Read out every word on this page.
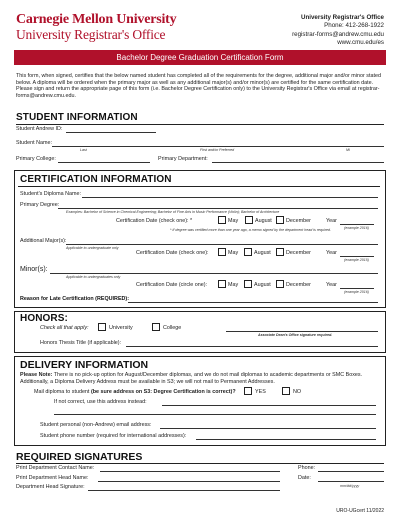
Carnegie Mellon University
University Registrar's Office
University Registrar's Office
Phone: 412-268-1922
registrar-forms@andrew.cmu.edu
www.cmu.edu/es
Bachelor Degree Graduation Certification Form
This form, when signed, certifies that the below named student has completed all of the requirements for the degree, additional major and/or minor stated below. A diploma will be ordered when the primary major as well as any additional major(s) and/or minor(s) are certified for the same certification date. Please sign and return the appropriate page of this form (i.e. Bachelor Degree Certification only) to the University Registrar's Office via email at registrar-forms@andrew.cmu.edu.
STUDENT INFORMATION
Student Andrew ID:
Student Name:
Last	First and/or Preferred	MI
Primary College:	Primary Department:
CERTIFICATION INFORMATION
Student's Diploma Name:
Primary Degree:
Examples: Bachelor of Science in Chemical Engineering; Bachelor of Fine Arts in Music Performance (Violin); Bachelor of Architecture
Certification Date (check one): *	May	August	December	Year
(example 2016)
* If degree was certified more than one year ago, a memo signed by the department head is required.
Additional Major(s):
Applicable to undergraduate only
Certification Date (check one):	May	August	December	Year
(example 2015)
Minor(s):
Applicable to undergraduates only
Certification Date (circle one):	May	August	December	Year
(example 2016)
Reason for Late Certification (REQUIRED):
HONORS:
Check all that apply:	University	College
Associate Dean's Office signature required.
Honors Thesis Title (if applicable):
DELIVERY INFORMATION
Please Note: There is no pick-up option for August/December diplomas, and we do not mail diplomas to academic departments or SMC Boxes. Additionally, a Diploma Delivery Address must be available in S3; we will not mail to Permanent Addresses.
Mail diploma to student (be sure address on S3: Degree Certification is correct)?	YES	NO
If not correct, use this address instead:
Student personal (non-Andrew) email address:
Student phone number (required for international addresses):
REQUIRED SIGNATURES
Print Department Contact Name:	Phone:
Print Department Head Name:	Date:
mm/dd/yyyy
Department Head Signature:
URO-UGcert 11/2022
